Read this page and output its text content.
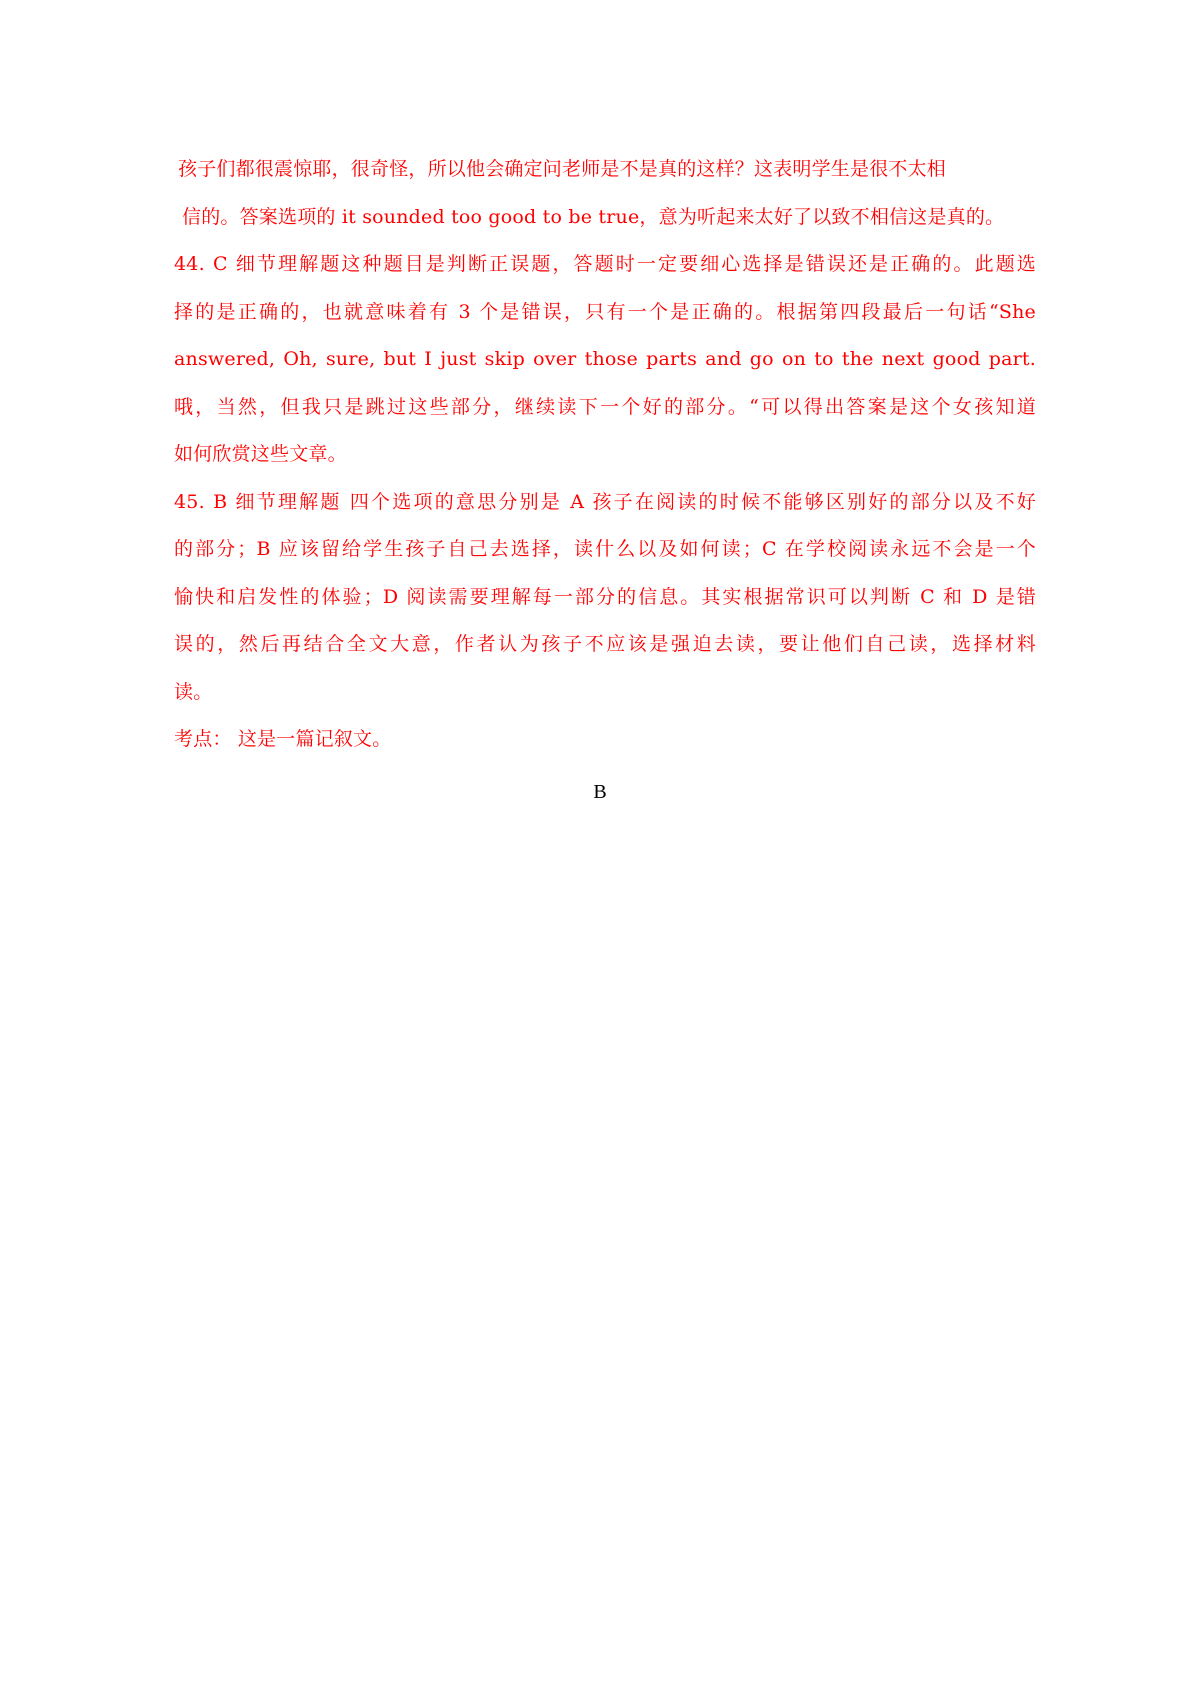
孩子们都很震惊耶，很奇怪，所以他会确定问老师是不是真的这样？这表明学生是很不太相
信的。答案选项的 it sounded too good to be true，意为听起来太好了以致不相信这是真的。
44. C 细节理解题这种题目是判断正误题，答题时一定要细心选择是错误还是正确的。此题选
择的是正确的，也就意味着有 3 个是错误，只有一个是正确的。根据第四段最后一句话“She
answered, Oh, sure, but I just skip over those parts and go on to the next good part.
哦，当然，但我只是跳过这些部分，继续读下一个好的部分。“可以得出答案是这个女孩知道
如何欣赏这些文章。
45. B 细节理解题 四个选项的意思分别是 A 孩子在阅读的时候不能够区别好的部分以及不好
的部分；B 应该留给学生孩子自己去选择，读什么以及如何读；C 在学校阅读永远不会是一个
愉快和启发性的体验；D 阅读需要理解每一部分的信息。其实根据常识可以判断 C 和 D 是错
误的，然后再结合全文大意，作者认为孩子不应该是强迫去读，要让他们自己读，选择材料
读。
考点： 这是一篇记叙文。
B
